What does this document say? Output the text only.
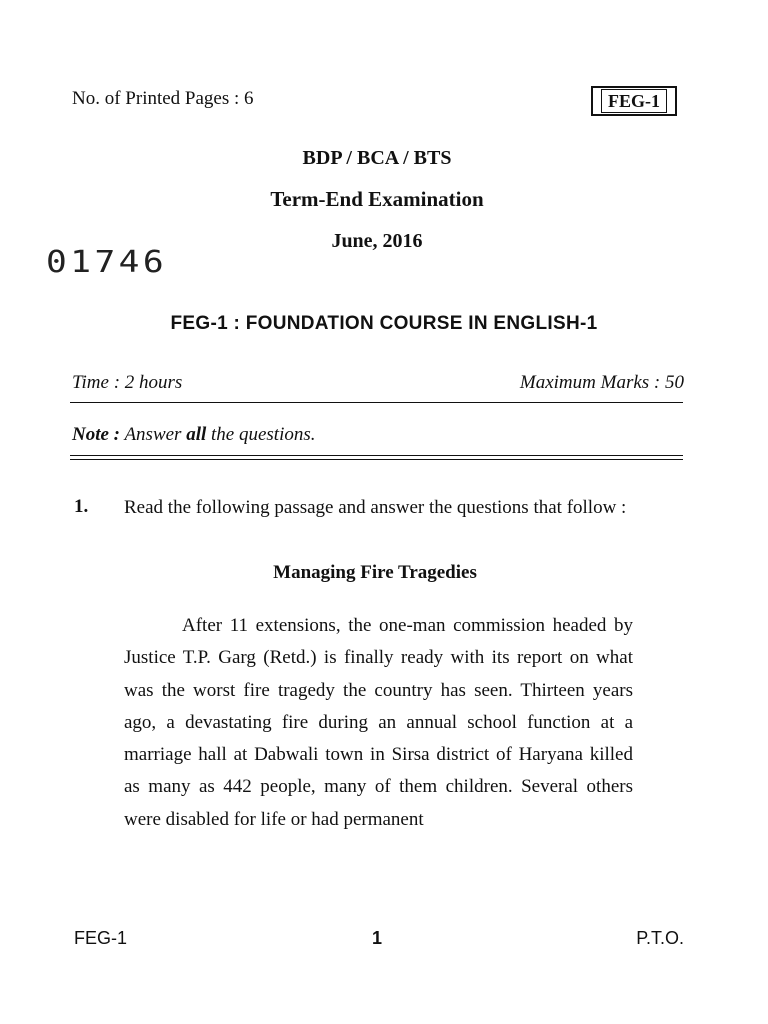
No. of Printed Pages : 6	FEG-1
BDP / BCA / BTS
Term-End Examination
June, 2016
01746
FEG-1 : FOUNDATION COURSE IN ENGLISH-1
Time : 2 hours	Maximum Marks : 50
Note : Answer all the questions.
1. Read the following passage and answer the questions that follow :
Managing Fire Tragedies
After 11 extensions, the one-man commission headed by Justice T.P. Garg (Retd.) is finally ready with its report on what was the worst fire tragedy the country has seen. Thirteen years ago, a devastating fire during an annual school function at a marriage hall at Dabwali town in Sirsa district of Haryana killed as many as 442 people, many of them children. Several others were disabled for life or had permanent
FEG-1	1	P.T.O.
